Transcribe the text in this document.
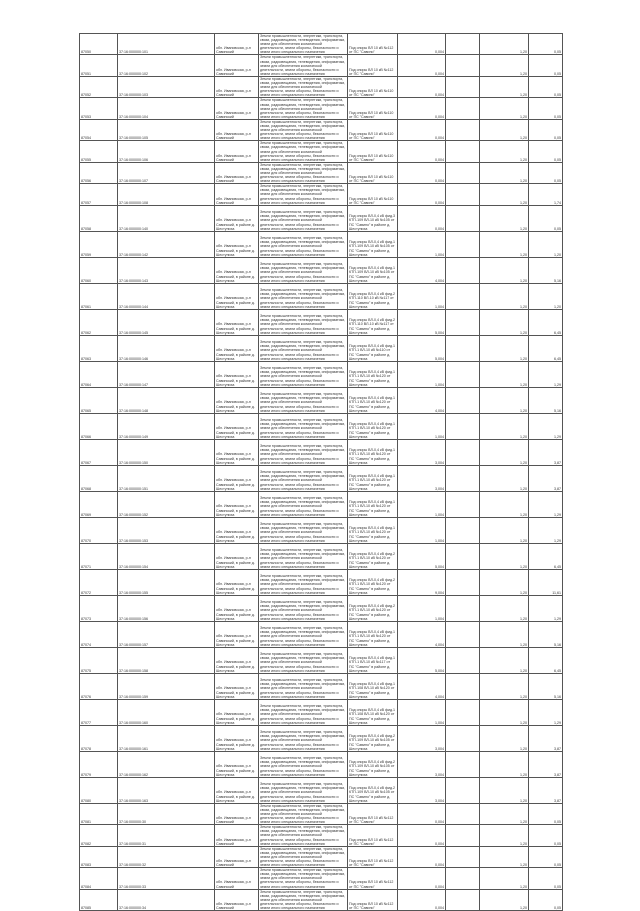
87050	37:16:000000:101	обл. Ивановская, р-н Савинский	Земли промышленности, энергетики, транспорта, связи, радиовещания, телевидения, информатики, земли для обеспечения космической деятельности, земли обороны, безопасности и земли иного специального назначения	Под опоры ВЛ 10 кВ №112 от ПС "Савино"	0,004		1,20	0,05
87051	37:16:000000:102	обл. Ивановская, р-н Савинский	Земли промышленности, энергетики, транспорта, связи, радиовещания, телевидения, информатики, земли для обеспечения космической деятельности, земли обороны, безопасности и земли иного специального назначения	Под опоры ВЛ 10 кВ №112 от ПС "Савино"	0,004		1,20	0,05
87052	37:16:000000:103	обл. Ивановская, р-н Савинский	Земли промышленности, энергетики, транспорта, связи, радиовещания, телевидения, информатики, земли для обеспечения космической деятельности, земли обороны, безопасности и земли иного специального назначения	Под опоры ВЛ 10 кВ №110 от ПС "Савино"	0,004		1,20	0,05
87053	37:16:000000:104	обл. Ивановская, р-н Савинский	Земли промышленности, энергетики, транспорта, связи, радиовещания, телевидения, информатики, земли для обеспечения космической деятельности, земли обороны, безопасности и земли иного специального назначения	Под опоры ВЛ 10 кВ №110 от ПС "Савино"	0,004		1,20	0,05
87054	37:16:000000:105	обл. Ивановская, р-н Савинский	Земли промышленности, энергетики, транспорта, связи, радиовещания, телевидения, информатики, земли для обеспечения космической деятельности, земли обороны, безопасности и земли иного специального назначения	Под опоры ВЛ 10 кВ №110 от ПС "Савино"	0,004		1,20	0,05
87055	37:16:000000:106	обл. Ивановская, р-н Савинский	Земли промышленности, энергетики, транспорта, связи, радиовещания, телевидения, информатики, земли для обеспечения космической деятельности, земли обороны, безопасности и земли иного специального назначения	Под опоры ВЛ 10 кВ №110 от ПС "Савино"	0,004		1,20	0,05
87056	37:16:000000:107	обл. Ивановская, р-н Савинский	Земли промышленности, энергетики, транспорта, связи, радиовещания, телевидения, информатики, земли для обеспечения космической деятельности, земли обороны, безопасности и земли иного специального назначения	Под опоры ВЛ 10 кВ №110 от ПС "Савино"	0,004		1,20	0,05
87057	37:16:000000:108	обл. Ивановская, р-н Савинский	Земли промышленности, энергетики, транспорта, связи, радиовещания, телевидения, информатики, земли для обеспечения космической деятельности, земли обороны, безопасности и земли иного специального назначения	Под опоры ВЛ 10 кВ №110 от ПС "Савино"	0,004		1,20	1,74
87058	37:16:000000:140	обл. Ивановская, р-н Савинский, в районе д. Шестуниха	Земли промышленности, энергетики, транспорта, связи, радиовещания, телевидения, информатики, земли для обеспечения космической деятельности, земли обороны, безопасности и земли иного специального назначения	Под опоры ВЛ-0,4 кВ фид.3 КТП-109 ВЛ-10 кВ №105 от ПС "Савино" в районе д. Шестуниха	0,004		1,20	0,05
87059	37:16:000000:142	обл. Ивановская, р-н Савинский, в районе д. Шестуниха	Земли промышленности, энергетики, транспорта, связи, радиовещания, телевидения, информатики, земли для обеспечения космической деятельности, земли обороны, безопасности и земли иного специального назначения	Под опоры ВЛ-0,4 кВ фид.1 КТП-109 ВЛ-10 кВ №105 от ПС "Савино" в районе д. Шестуниха	1,004		1,20	1,20
87060	37:16:000000:143	обл. Ивановская, р-н Савинский, в районе д. Шестуниха	Земли промышленности, энергетики, транспорта, связи, радиовещания, телевидения, информатики, земли для обеспечения космической деятельности, земли обороны, безопасности и земли иного специального назначения	Под опоры ВЛ-0,4 кВ фид.1 КТП-109 ВЛ-10 кВ №105 от ПС "Савино" в районе д. Шестуниха	4,004		1,20	5,16
87061	37:16:000000:144	обл. Ивановская, р-н Савинский, в районе д. Шестуниха	Земли промышленности, энергетики, транспорта, связи, радиовещания, телевидения, информатики, земли для обеспечения космической деятельности, земли обороны, безопасности и земли иного специального назначения	Под опоры ВЛ-0,4 кВ фид.2 КТП-110 ВЛ-10 кВ №117 от ПС "Савино" в районе д. Шестуниха	1,004		1,20	1,20
87062	37:16:000000:145	обл. Ивановская, р-н Савинский, в районе д. Шестуниха	Земли промышленности, энергетики, транспорта, связи, радиовещания, телевидения, информатики, земли для обеспечения космической деятельности, земли обороны, безопасности и земли иного специального назначения	Под опоры ВЛ-0,4 кВ фид.2 КТП-110 ВЛ-10 кВ №117 от ПС "Савино" в районе д. Шестуниха	5,004		1,20	6,45
87063	37:16:000000:146	обл. Ивановская, р-н Савинский, в районе д. Шестуниха	Земли промышленности, энергетики, транспорта, связи, радиовещания, телевидения, информатики, земли для обеспечения космической деятельности, земли обороны, безопасности и земли иного специального назначения	Под опоры ВЛ-0,4 кВ фид.1 КТП-1 ВЛ-10 кВ №110 от ПС "Савино" в районе д. Шестуниха	5,004		1,20	6,45
87064	37:16:000000:147	обл. Ивановская, р-н Савинский, в районе д. Шестуниха	Земли промышленности, энергетики, транспорта, связи, радиовещания, телевидения, информатики, земли для обеспечения космической деятельности, земли обороны, безопасности и земли иного специального назначения	Под опоры ВЛ-0,4 кВ фид.1 КТП-1 ВЛ-10 кВ №120 от ПС "Савино" в районе д. Шестуниха	1,004		1,20	1,29
87065	37:16:000000:148	обл. Ивановская, р-н Савинский, в районе д. Шестуниха	Земли промышленности, энергетики, транспорта, связи, радиовещания, телевидения, информатики, земли для обеспечения космической деятельности, земли обороны, безопасности и земли иного специального назначения	Под опоры ВЛ-0,4 кВ фид.1 КТП-1 ВЛ-10 кВ №120 от ПС "Савино" в районе д. Шестуниха	4,004		1,20	5,16
87066	37:16:000000:149	обл. Ивановская, р-н Савинский, в районе д. Шестуниха	Земли промышленности, энергетики, транспорта, связи, радиовещания, телевидения, информатики, земли для обеспечения космической деятельности, земли обороны, безопасности и земли иного специального назначения	Под опоры ВЛ-0,4 кВ фид.1 КТП-1 ВЛ-10 кВ №120 от ПС "Савино" в районе д. Шестуниха	1,004		1,20	1,29
87067	37:16:000000:150	обл. Ивановская, р-н Савинский, в районе д. Шестуниха	Земли промышленности, энергетики, транспорта, связи, радиовещания, телевидения, информатики, земли для обеспечения космической деятельности, земли обороны, безопасности и земли иного специального назначения	Под опоры ВЛ-0,4 кВ фид.1 КТП-1 ВЛ-10 кВ №120 от ПС "Савино" в районе д. Шестуниха	3,004		1,20	3,87
87068	37:16:000000:151	обл. Ивановская, р-н Савинский, в районе д. Шестуниха	Земли промышленности, энергетики, транспорта, связи, радиовещания, телевидения, информатики, земли для обеспечения космической деятельности, земли обороны, безопасности и земли иного специального назначения	Под опоры ВЛ-0,4 кВ фид.1 КТП-1 ВЛ-10 кВ №120 от ПС "Савино" в районе д. Шестуниха	3,004		1,20	3,87
87069	37:16:000000:152	обл. Ивановская, р-н Савинский, в районе д. Шестуниха	Земли промышленности, энергетики, транспорта, связи, радиовещания, телевидения, информатики, земли для обеспечения космической деятельности, земли обороны, безопасности и земли иного специального назначения	Под опоры ВЛ-0,4 кВ фид.1 КТП-1 ВЛ-10 кВ №120 от ПС "Савино" в районе д. Шестуниха	1,004		1,20	1,29
87070	37:16:000000:153	обл. Ивановская, р-н Савинский, в районе д. Шестуниха	Земли промышленности, энергетики, транспорта, связи, радиовещания, телевидения, информатики, земли для обеспечения космической деятельности, земли обороны, безопасности и земли иного специального назначения	Под опоры ВЛ-0,4 кВ фид.1 КТП-1 ВЛ-10 кВ №120 от ПС "Савино" в районе д. Шестуниха	1,004		1,20	1,29
87071	37:16:000000:154	обл. Ивановская, р-н Савинский, в районе д. Шестуниха	Земли промышленности, энергетики, транспорта, связи, радиовещания, телевидения, информатики, земли для обеспечения космической деятельности, земли обороны, безопасности и земли иного специального назначения	Под опоры ВЛ-0,4 кВ фид.2 КТП-1 ВЛ-10 кВ №120 от ПС "Савино" в районе д. Шестуниха	5,004		1,20	6,45
87072	37:16:000000:155	обл. Ивановская, р-н Савинский, в районе д. Шестуниха	Земли промышленности, энергетики, транспорта, связи, радиовещания, телевидения, информатики, земли для обеспечения космической деятельности, земли обороны, безопасности и земли иного специального назначения	Под опоры ВЛ-0,4 кВ фид.2 КТП-1 ВЛ-10 кВ №120 от ПС "Савино" в районе д. Шестуниха	9,004		1,20	11,61
87073	37:16:000000:156	обл. Ивановская, р-н Савинский, в районе д. Шестуниха	Земли промышленности, энергетики, транспорта, связи, радиовещания, телевидения, информатики, земли для обеспечения космической деятельности, земли обороны, безопасности и земли иного специального назначения	Под опоры ВЛ-0,4 кВ фид.2 КТП-1 ВЛ-10 кВ №120 от ПС "Савино" в районе д. Шестуниха	1,004		1,20	1,29
87074	37:16:000000:157	обл. Ивановская, р-н Савинский, в районе д. Шестуниха	Земли промышленности, энергетики, транспорта, связи, радиовещания, телевидения, информатики, земли для обеспечения космической деятельности, земли обороны, безопасности и земли иного специального назначения	Под опоры ВЛ-0,4 кВ фид.1 КТП-1 ВЛ-10 кВ №120 от ПС "Савино" в районе д. Шестуниха	4,004		1,20	5,16
87075	37:16:000000:158	обл. Ивановская, р-н Савинский, в районе д. Шестуниха	Земли промышленности, энергетики, транспорта, связи, радиовещания, телевидения, информатики, земли для обеспечения космической деятельности, земли обороны, безопасности и земли иного специального назначения	Под опоры ВЛ-0,4 кВ фид.1 КТП-1 ВЛ-10 кВ №117 от ПС "Савино" в районе д. Шестуниха	5,004		1,20	6,45
87076	37:16:000000:159	обл. Ивановская, р-н Савинский, в районе д. Шестуниха	Земли промышленности, энергетики, транспорта, связи, радиовещания, телевидения, информатики, земли для обеспечения космической деятельности, земли обороны, безопасности и земли иного специального назначения	Под опоры ВЛ-0,4 кВ фид.1 КТП-108 ВЛ-10 кВ №120 от ПС "Савино" в районе д. Шестуниха	4,004		1,20	5,16
87077	37:16:000000:160	обл. Ивановская, р-н Савинский, в районе д. Шестуниха	Земли промышленности, энергетики, транспорта, связи, радиовещания, телевидения, информатики, земли для обеспечения космической деятельности, земли обороны, безопасности и земли иного специального назначения	Под опоры ВЛ-0,4 кВ фид.1 КТП-108 ВЛ-10 кВ №120 от ПС "Савино" в районе д. Шестуниха	1,004		1,20	1,29
87078	37:16:000000:161	обл. Ивановская, р-н Савинский, в районе д. Шестуниха	Земли промышленности, энергетики, транспорта, связи, радиовещания, телевидения, информатики, земли для обеспечения космической деятельности, земли обороны, безопасности и земли иного специального назначения	Под опоры ВЛ-0,4 кВ фид.2 КТП-109 ВЛ-10 кВ №105 от ПС "Савино" в районе д. Шестуниха	3,004		1,20	3,87
87079	37:16:000000:162	обл. Ивановская, р-н Савинский, в районе д. Шестуниха	Земли промышленности, энергетики, транспорта, связи, радиовещания, телевидения, информатики, земли для обеспечения космической деятельности, земли обороны, безопасности и земли иного специального назначения	Под опоры ВЛ-0,4 кВ фид.2 КТП-109 ВЛ-10 кВ №105 от ПС "Савино" в районе д. Шестуниха	3,004		1,20	3,87
87080	37:16:000000:163	обл. Ивановская, р-н Савинский, в районе д. Шестуниха	Земли промышленности, энергетики, транспорта, связи, радиовещания, телевидения, информатики, земли для обеспечения космической деятельности, земли обороны, безопасности и земли иного специального назначения	Под опоры ВЛ-0,4 кВ фид.2 КТП-109 ВЛ-10 кВ №105 от ПС "Савино" в районе д. Шестуниха	3,004		1,20	3,87
87081	37:16:000000:30	обл. Ивановская, р-н Савинский	Земли промышленности, энергетики, транспорта, связи, радиовещания, телевидения, информатики, земли для обеспечения космической деятельности, земли обороны, безопасности и земли иного специального назначения	Под опоры ВЛ 10 кВ №112 от ПС "Савино"	0,004		1,20	0,05
87082	37:16:000000:31	обл. Ивановская, р-н Савинский	Земли промышленности, энергетики, транспорта, связи, радиовещания, телевидения, информатики, земли для обеспечения космической деятельности, земли обороны, безопасности и земли иного специального назначения	Под опоры ВЛ 10 кВ №112 от ПС "Савино"	0,004		1,20	0,05
87083	37:16:000000:32	обл. Ивановская, р-н Савинский	Земли промышленности, энергетики, транспорта, связи, радиовещания, телевидения, информатики, земли для обеспечения космической деятельности, земли обороны, безопасности и земли иного специального назначения	Под опоры ВЛ 10 кВ №112 от ПС "Савино"	0,004		1,20	0,05
87084	37:16:000000:33	обл. Ивановская, р-н Савинский	Земли промышленности, энергетики, транспорта, связи, радиовещания, телевидения, информатики, земли для обеспечения космической деятельности, земли обороны, безопасности и земли иного специального назначения	Под опоры ВЛ 10 кВ №112 от ПС "Савино"	0,004		1,20	0,05
87085	37:16:000000:34	обл. Ивановская, р-н Савинский	Земли промышленности, энергетики, транспорта, связи, радиовещания, телевидения, информатики, земли для обеспечения космической деятельности, земли обороны, безопасности и земли иного специального назначения	Под опоры ВЛ 10 кВ №112 от ПС "Савино"	0,004		1,20	0,05
